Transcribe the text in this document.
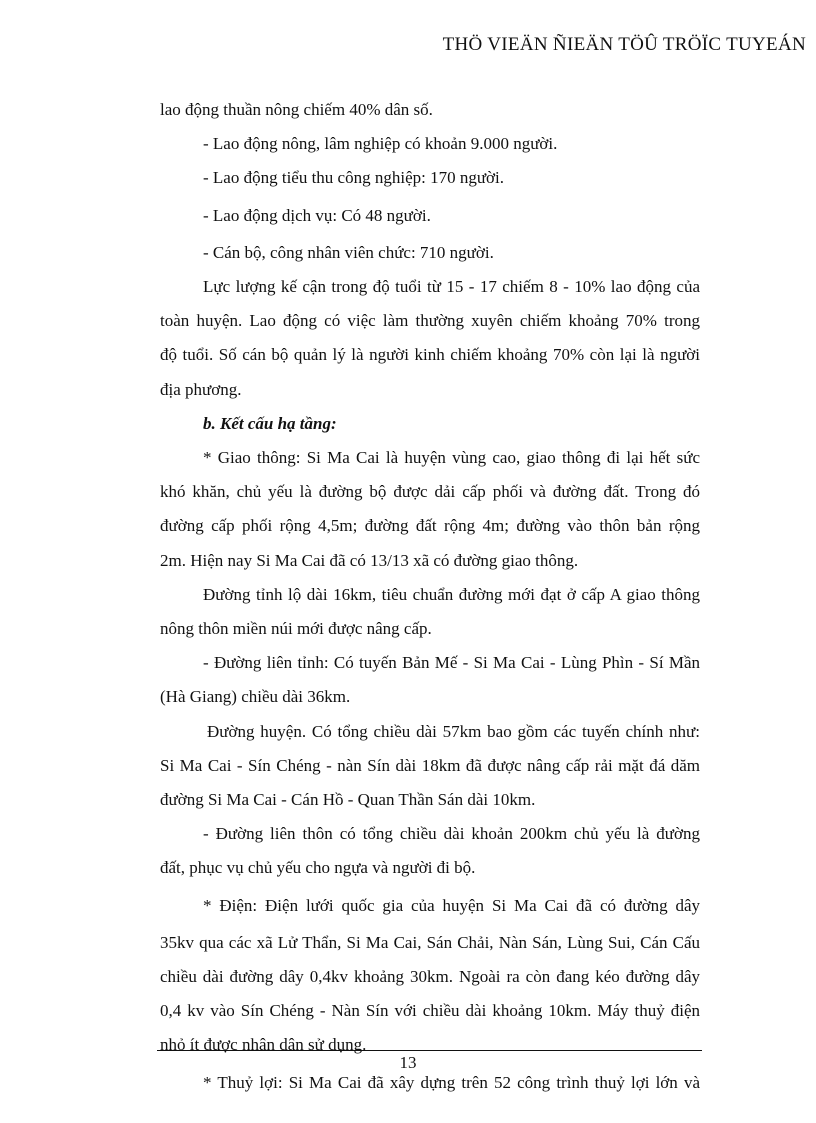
THÖ VIEÄN ÑIEÄN TÖÛ TRÖÏC TUYEÁN

lao động thuần nông chiếm 40% dân số.

- Lao động nông, lâm nghiệp có khoản 9.000 người.

- Lao động tiểu thu công nghiệp: 170 người.

- Lao động dịch vụ: Có 48 người.

- Cán bộ, công nhân viên chức: 710 người.

Lực lượng kế cận trong độ tuổi từ 15 - 17 chiếm 8 - 10% lao động của

toàn huyện. Lao động có việc làm thường xuyên chiếm khoảng 70% trong

độ tuổi. Số cán bộ quản lý là người kinh chiếm khoảng 70% còn lại là người

địa phương.

b. Kết cấu hạ tầng:

* Giao thông: Si Ma Cai là huyện vùng cao, giao thông đi lại hết sức

khó khăn, chủ yếu là đường bộ được dải cấp phối và đường đất. Trong đó

đường cấp phối rộng 4,5m; đường đất rộng 4m; đường vào thôn bản rộng

2m. Hiện nay Si Ma Cai đã có 13/13 xã có đường giao thông.

Đường tỉnh lộ dài 16km, tiêu chuẩn đường mới đạt ở cấp A giao thông

nông thôn miền núi mới được nâng cấp.

- Đường liên tỉnh: Có tuyến Bản Mế - Si Ma Cai - Lùng Phìn - Sí Mần

(Hà Giang) chiều dài 36km.

Đường huyện. Có tổng chiều dài 57km bao gồm các tuyến chính như:

Si Ma Cai - Sín Chéng - nàn Sín dài 18km đã được nâng cấp rải mặt đá dăm

đường Si Ma Cai - Cán Hồ - Quan Thần Sán dài 10km.

- Đường liên thôn có tổng chiều dài khoản 200km chủ yếu là đường

đất, phục vụ chủ yếu cho ngựa và người đi bộ.

* Điện: Điện lưới quốc gia của huyện Si Ma Cai đã có đường dây

35kv qua các xã Lử Thẩn, Si Ma Cai, Sán Chải, Nàn Sán, Lùng Sui, Cán Cấu

chiều dài đường dây 0,4kv khoảng 30km. Ngoài ra còn đang kéo đường dây

0,4 kv vào Sín Chéng - Nàn Sín với chiều dài khoảng 10km. Máy thuỷ điện

nhỏ ít được nhân dân sử dụng.

* Thuỷ lợi: Si Ma Cai đã xây dựng trên 52 công trình thuỷ lợi lớn và

13
